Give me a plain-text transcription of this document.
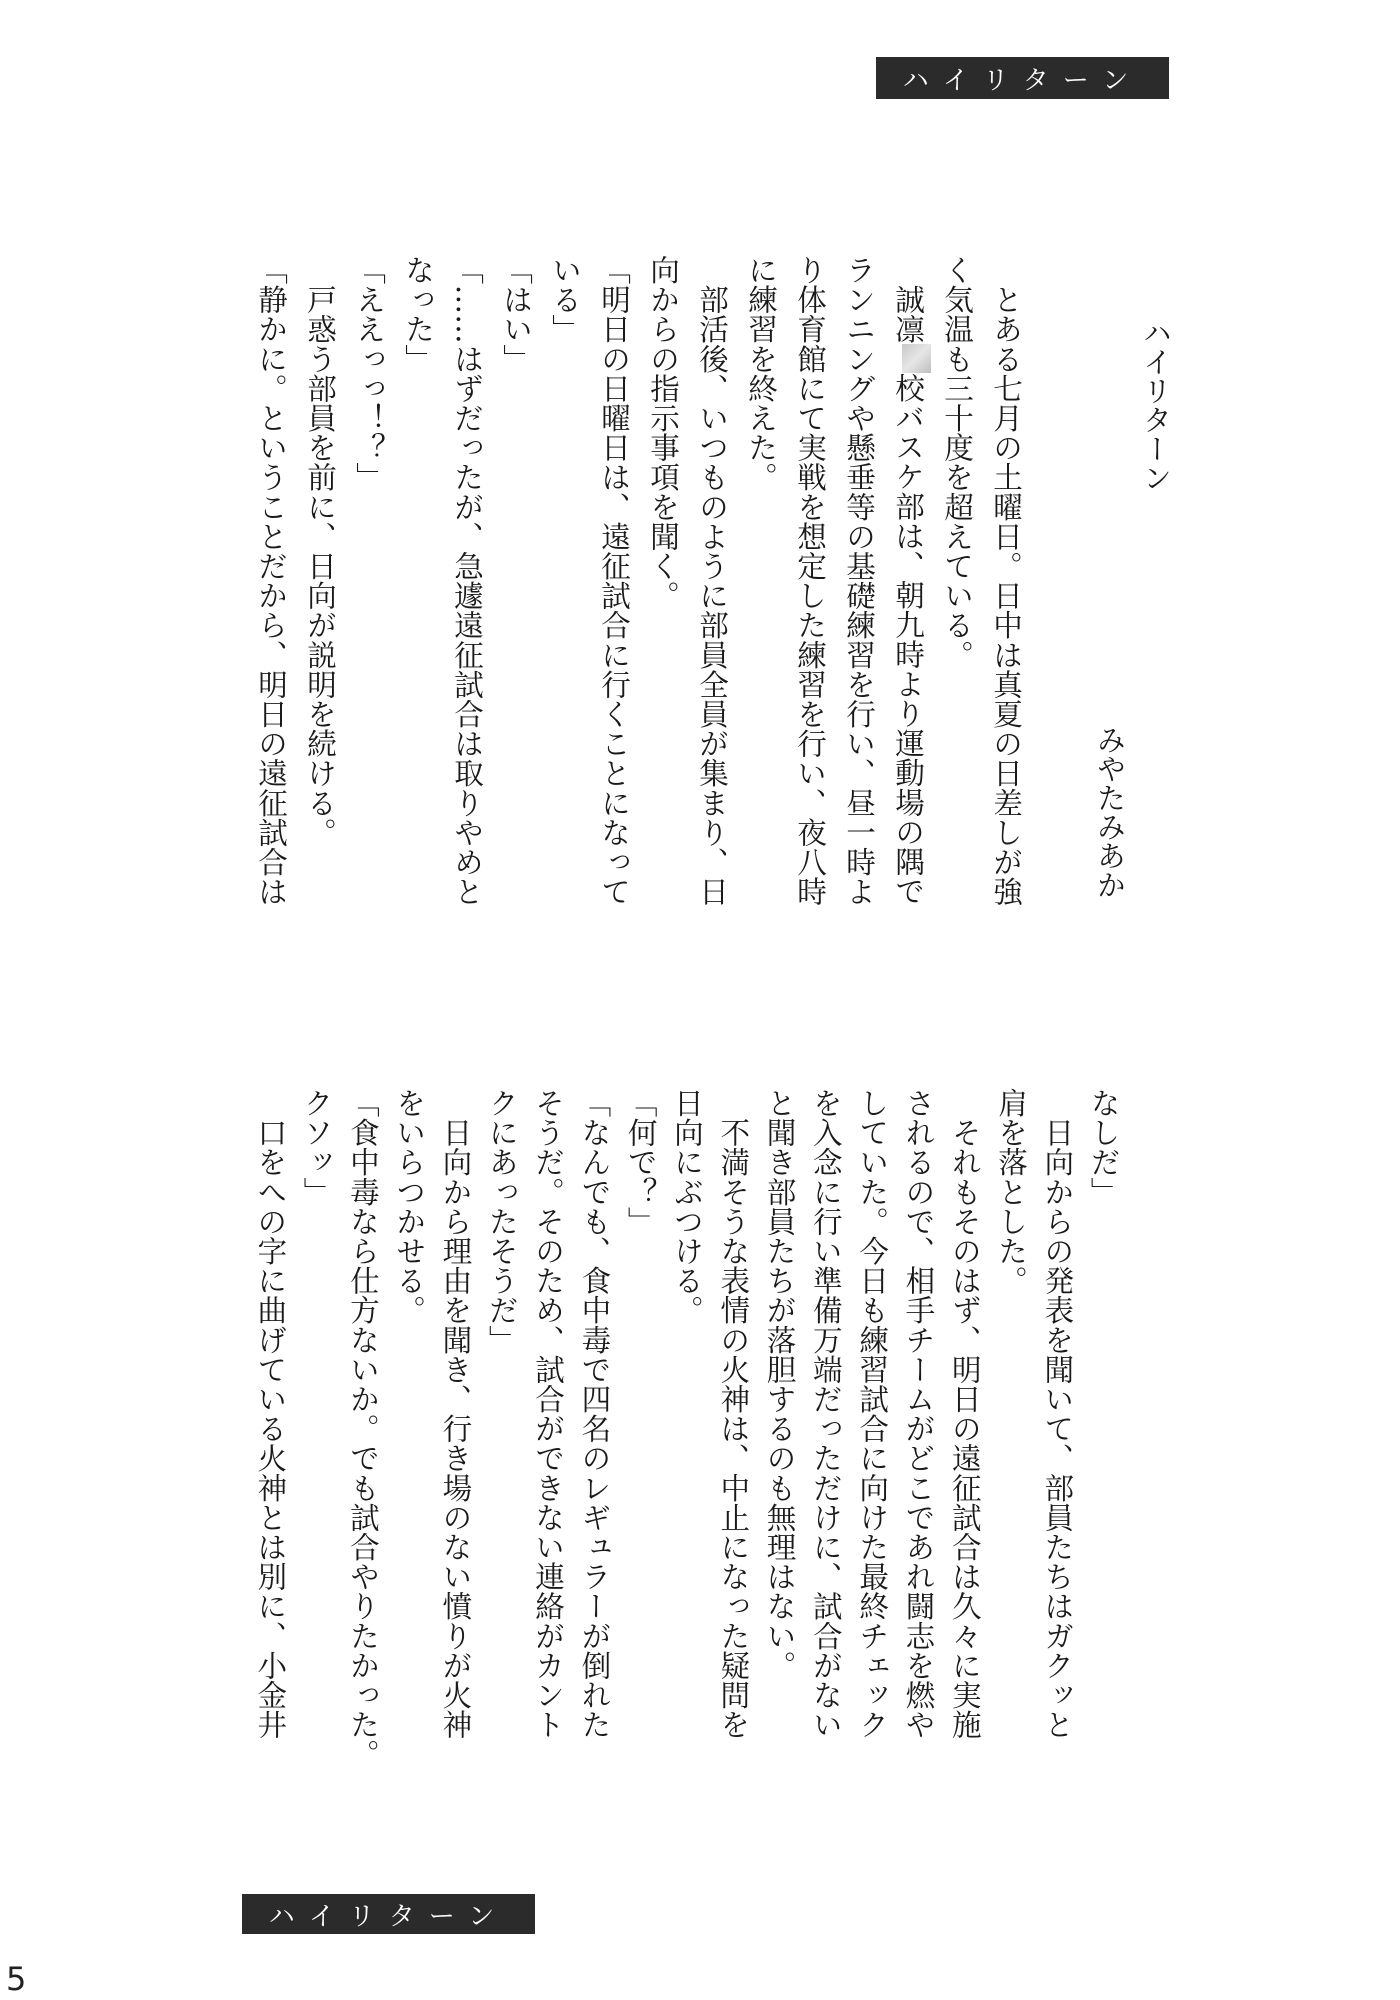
ハイリターン
ハイリターン
みやたみあか
　とある七月の土曜日。日中は真夏の日差しが強
く気温も三十度を超えている。
　誠凛校バスケ部は、朝九時より運動場の隅で
ランニングや懸垂等の基礎練習を行い、昼一時よ
り体育館にて実戦を想定した練習を行い、夜八時
に練習を終えた。
　部活後、いつものように部員全員が集まり、日
向からの指示事項を聞く。
「明日の日曜日は、遠征試合に行くことになって
いる」
「はい」
「……はずだったが、急遽遠征試合は取りやめと
なった」
「ええっっ！？」
　戸惑う部員を前に、日向が説明を続ける。
「静かに。ということだから、明日の遠征試合は
なしだ」
　日向からの発表を聞いて、部員たちはガクッと
肩を落とした。
　それもそのはず、明日の遠征試合は久々に実施
されるので、相手チームがどこであれ闘志を燃や
していた。今日も練習試合に向けた最終チェック
を入念に行い準備万端だっただけに、試合がない
と聞き部員たちが落胆するのも無理はない。
　不満そうな表情の火神は、中止になった疑問を
日向にぶつける。
「何で？」
「なんでも、食中毒で四名のレギュラーが倒れた
そうだ。そのため、試合ができない連絡がカント
クにあったそうだ」
　日向から理由を聞き、行き場のない憤りが火神
をいらつかせる。
「食中毒なら仕方ないか。でも試合やりたかった。
クソッ」
　口をへの字に曲げている火神とは別に、小金井
ハイリターン
5
